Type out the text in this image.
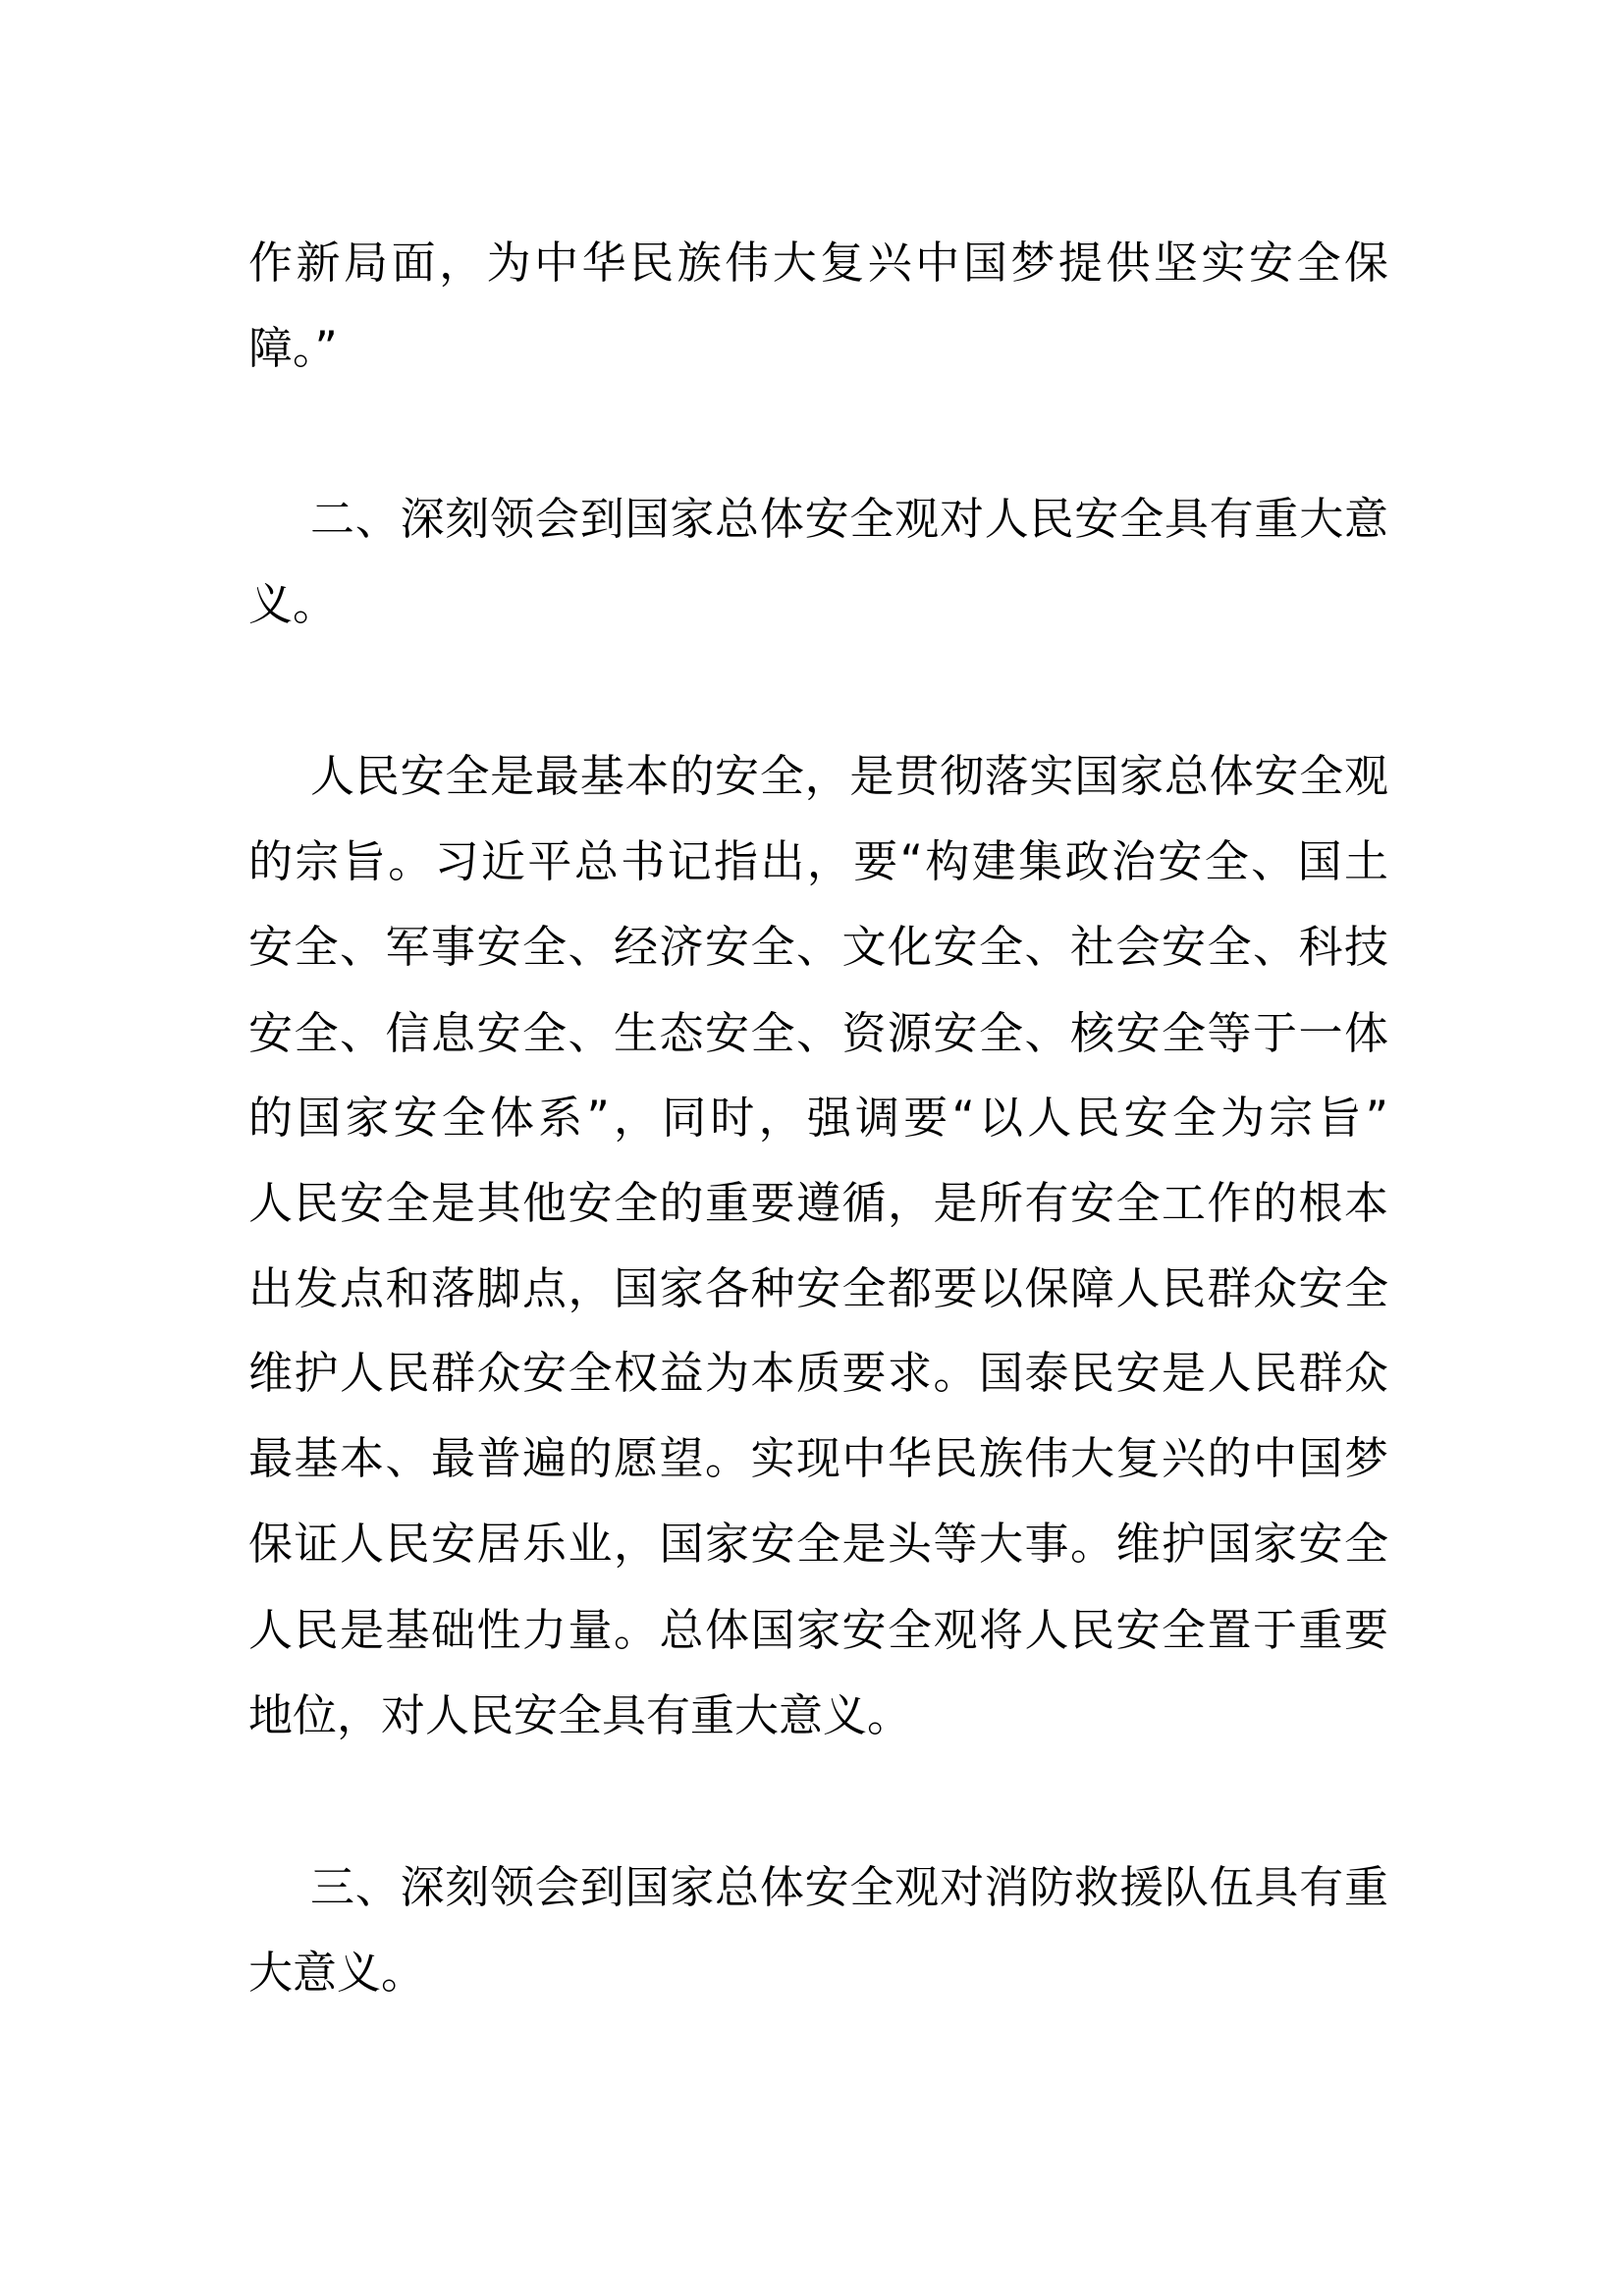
作新局面，为中华民族伟大复兴中国梦提供坚实安全保
障。”
二、深刻领会到国家总体安全观对人民安全具有重大意
义。
人民安全是最基本的安全，是贯彻落实国家总体安全观
的宗旨。习近平总书记指出，要“构建集政治安全、国土
安全、军事安全、经济安全、文化安全、社会安全、科技
安全、信息安全、生态安全、资源安全、核安全等于一体
的国家安全体系”，同时，强调要“以人民安全为宗旨”
人民安全是其他安全的重要遵循，是所有安全工作的根本
出发点和落脚点，国家各种安全都要以保障人民群众安全
维护人民群众安全权益为本质要求。国泰民安是人民群众
最基本、最普遍的愿望。实现中华民族伟大复兴的中国梦
保证人民安居乐业，国家安全是头等大事。维护国家安全
人民是基础性力量。总体国家安全观将人民安全置于重要
地位，对人民安全具有重大意义。
三、深刻领会到国家总体安全观对消防救援队伍具有重
大意义。
